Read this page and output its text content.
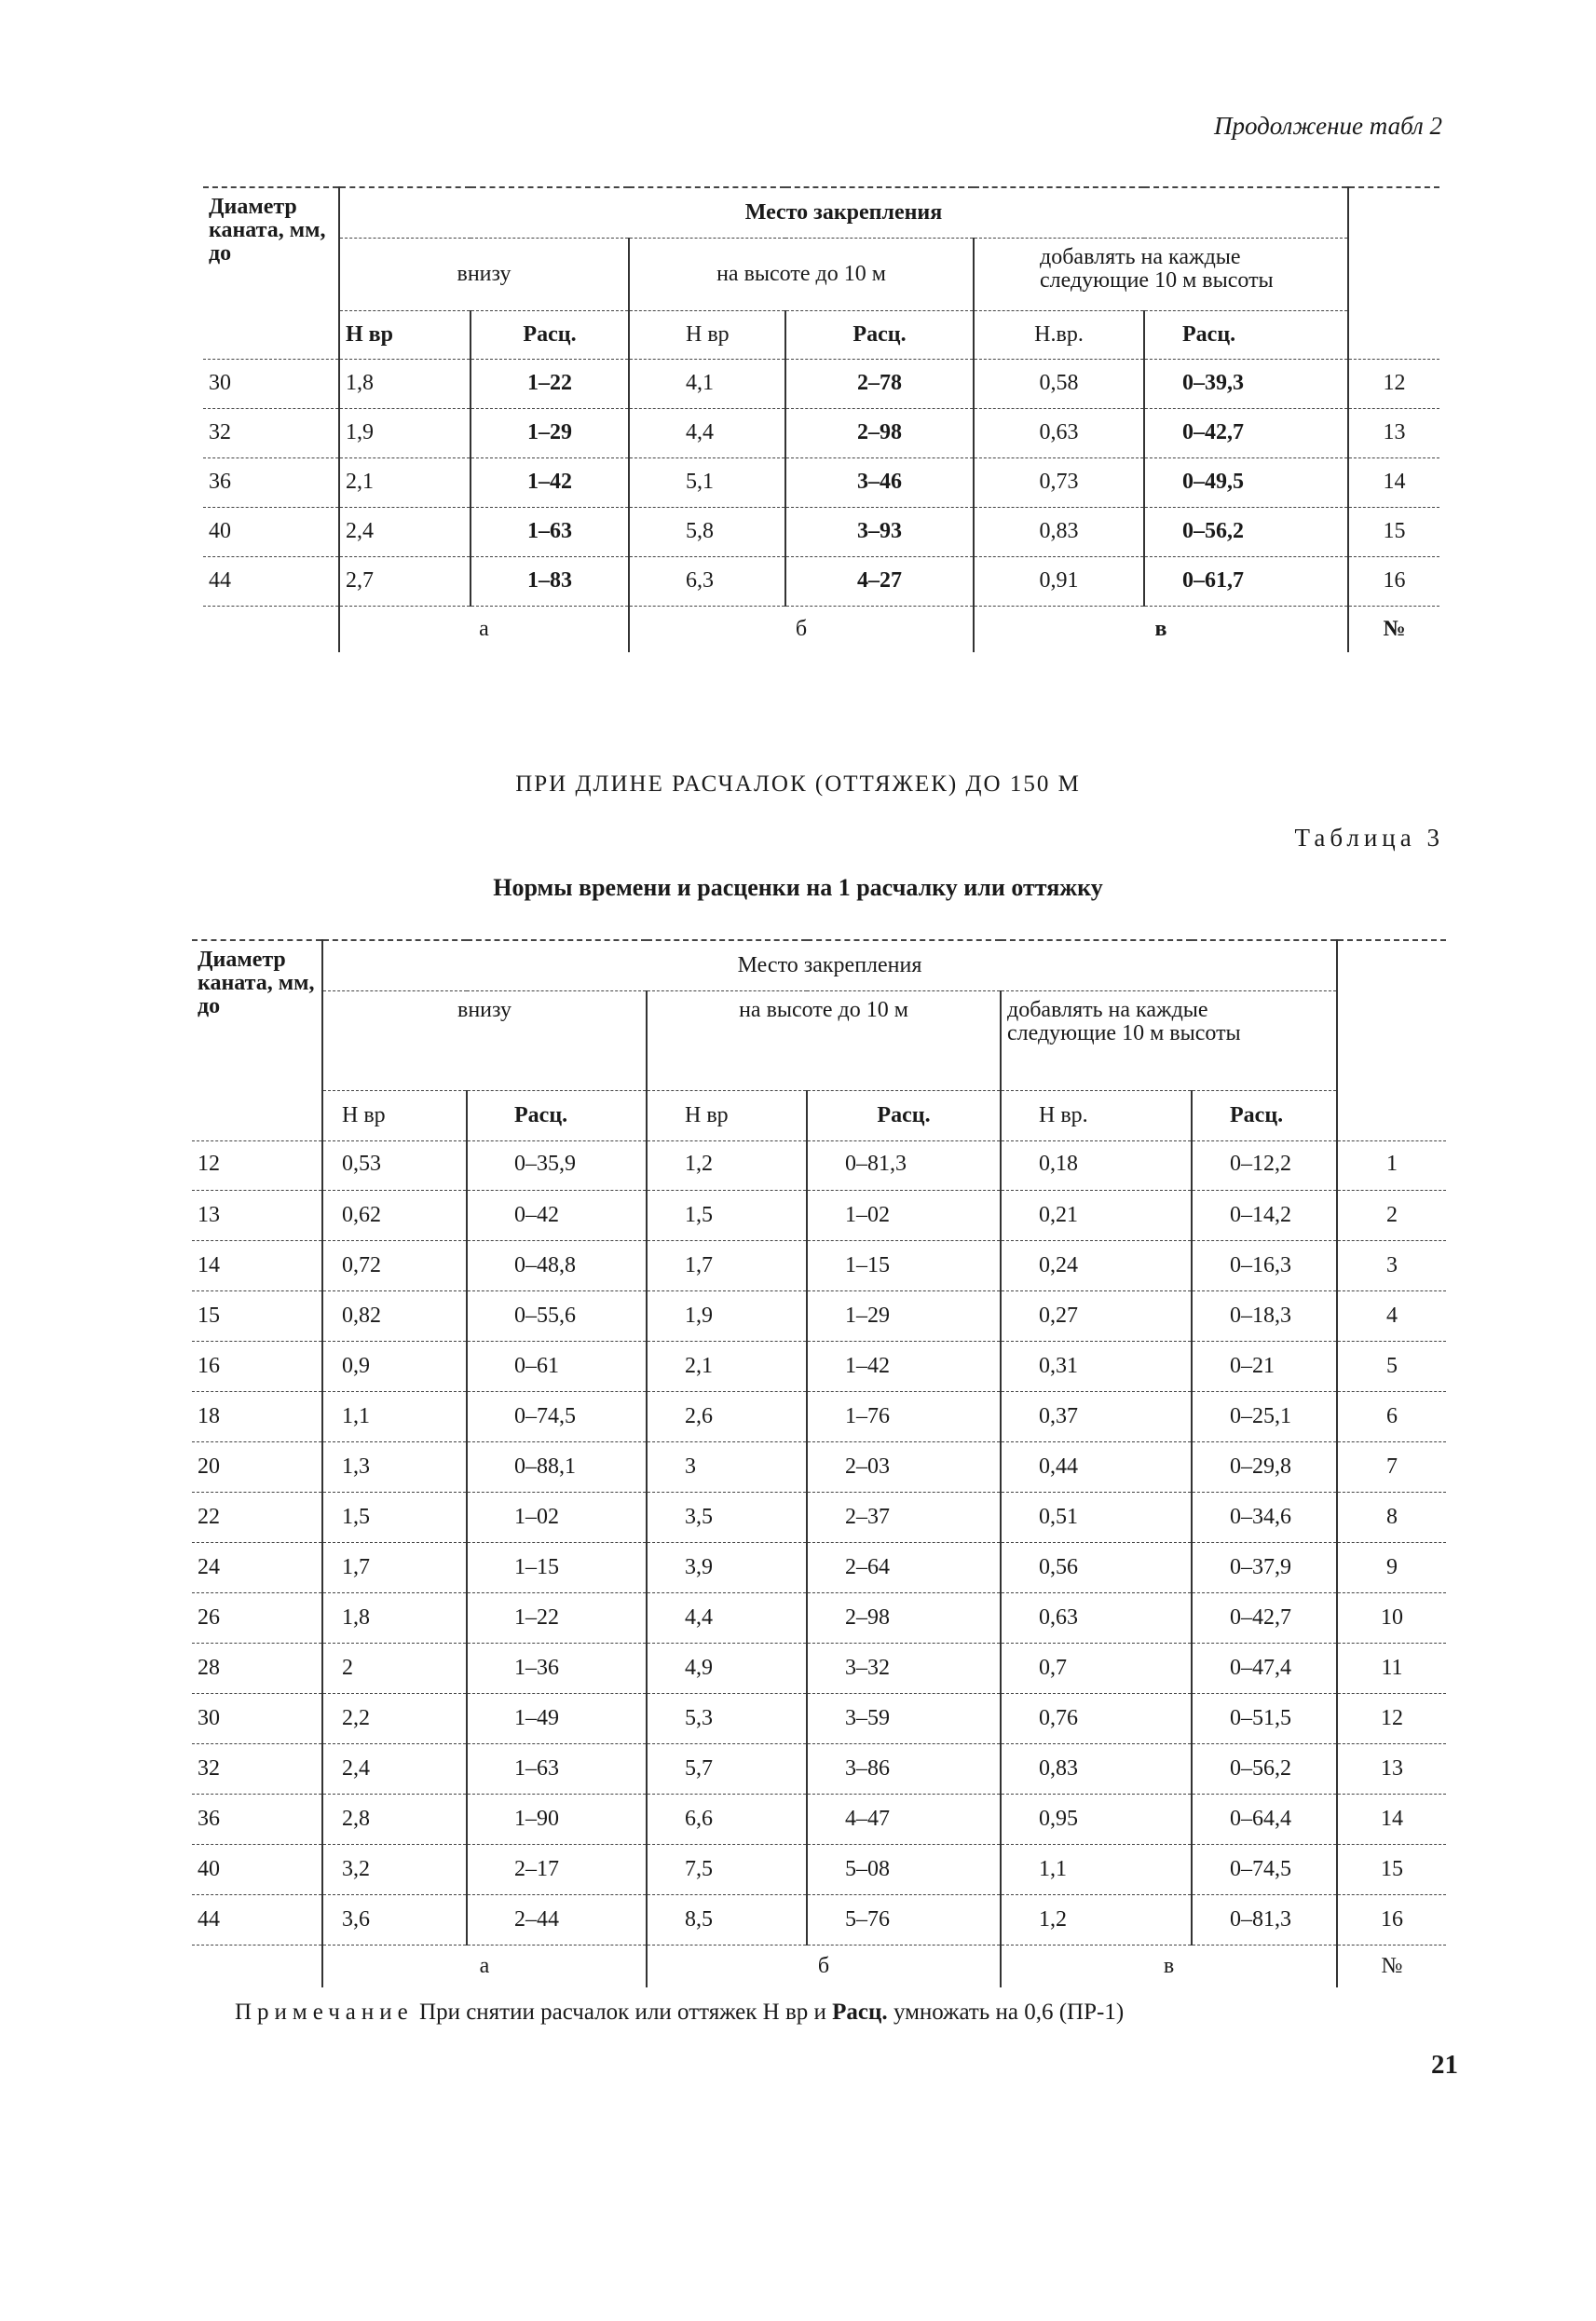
Продолжение табл 2
Диаметр каната, мм, до	Место закрепления						
	внизу		на высоте до 10 м		добавлять на каждые следующие 10 м высоты		
	Н вр	Расц.	Н вр	Расц.	Н.вр.	Расц.	
30	1,8	1–22	4,1	2–78	0,58	0–39,3	12
32	1,9	1–29	4,4	2–98	0,63	0–42,7	13
36	2,1	1–42	5,1	3–46	0,73	0–49,5	14
40	2,4	1–63	5,8	3–93	0,83	0–56,2	15
44	2,7	1–83	6,3	4–27	0,91	0–61,7	16
	а		б		в		№
ПРИ ДЛИНЕ РАСЧАЛОК (ОТТЯЖЕК) ДО 150 М
Таблица 3
Нормы времени и расценки на 1 расчалку или оттяжку
Диаметр каната, мм, до	Место закрепления						
	внизу		на высоте до 10 м		добавлять на каждые следующие 10 м высоты		
	Н вр	Расц.	Н вр	Расц.	Н вр.	Расц.	
12	0,53	0–35,9	1,2	0–81,3	0,18	0–12,2	1
13	0,62	0–42	1,5	1–02	0,21	0–14,2	2
14	0,72	0–48,8	1,7	1–15	0,24	0–16,3	3
15	0,82	0–55,6	1,9	1–29	0,27	0–18,3	4
16	0,9	0–61	2,1	1–42	0,31	0–21	5
18	1,1	0–74,5	2,6	1–76	0,37	0–25,1	6
20	1,3	0–88,1	3	2–03	0,44	0–29,8	7
22	1,5	1–02	3,5	2–37	0,51	0–34,6	8
24	1,7	1–15	3,9	2–64	0,56	0–37,9	9
26	1,8	1–22	4,4	2–98	0,63	0–42,7	10
28	2	1–36	4,9	3–32	0,7	0–47,4	11
30	2,2	1–49	5,3	3–59	0,76	0–51,5	12
32	2,4	1–63	5,7	3–86	0,83	0–56,2	13
36	2,8	1–90	6,6	4–47	0,95	0–64,4	14
40	3,2	2–17	7,5	5–08	1,1	0–74,5	15
44	3,6	2–44	8,5	5–76	1,2	0–81,3	16
	а		б		в		№
Примечание При снятии расчалок или оттяжек Н вр и Расц. умножать на 0,6 (ПР-1)
21
